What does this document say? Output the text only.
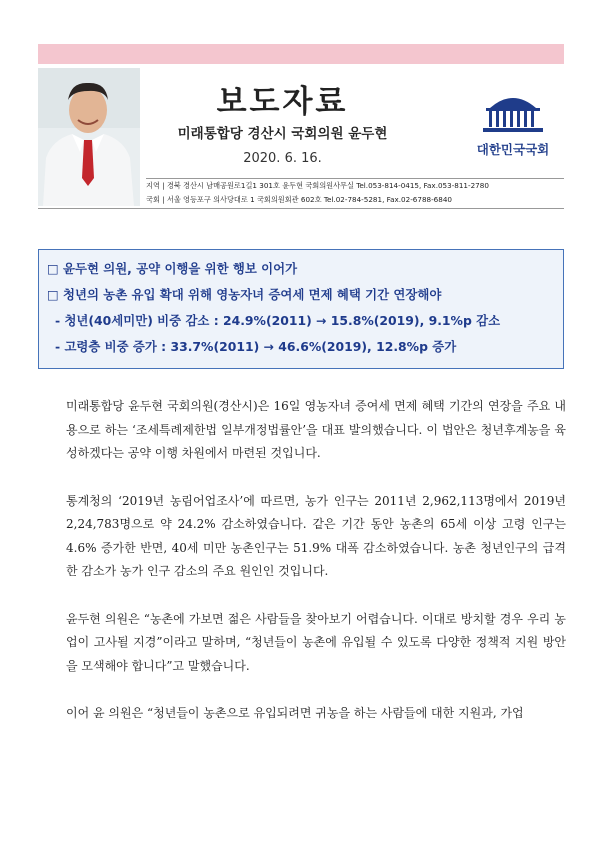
보도자료
미래통합당 경산시 국회의원 윤두현
2020. 6. 16.
대한민국국회
지역 | 경북 경산시 남매공원로1길1 301호 윤두현 국회의원사무실 Tel.053-814-0415, Fax.053-811-2780
국회 | 서울 영등포구 의사당대로 1 국회의원회관 602호 Tel.02-784-5281, Fax.02-6788-6840
□ 윤두현 의원, 공약 이행을 위한 행보 이어가
□ 청년의 농촌 유입 확대 위해 영농자녀 증여세 면제 혜택 기간 연장해야
- 청년(40세미만) 비중 감소 : 24.9%(2011) → 15.8%(2019), 9.1%p 감소
- 고령층 비중 증가 : 33.7%(2011) → 46.6%(2019), 12.8%p 증가

미래통합당 윤두현 국회의원(경산시)은 16일 영농자녀 증여세 면제 혜택 기간의 연장을 주요 내용으로 하는 ‘조세특례제한법 일부개정법률안’을 대표 발의했습니다. 이 법안은 청년후계농을 육성하겠다는 공약 이행 차원에서 마련된 것입니다.

통계청의 ‘2019년 농림어업조사’에 따르면, 농가 인구는 2011년 2,962,113명에서 2019년 2,24,783명으로 약 24.2% 감소하였습니다. 같은 기간 동안 농촌의 65세 이상 고령 인구는 4.6% 증가한 반면, 40세 미만 농촌인구는 51.9% 대폭 감소하였습니다. 농촌 청년인구의 급격한 감소가 농가 인구 감소의 주요 원인인 것입니다.

윤두현 의원은 “농촌에 가보면 젊은 사람들을 찾아보기 어렵습니다. 이대로 방치할 경우 우리 농업이 고사될 지경”이라고 말하며, “청년들이 농촌에 유입될 수 있도록 다양한 정책적 지원 방안을 모색해야 합니다”고 말했습니다.

이어 윤 의원은 “청년들이 농촌으로 유입되려면 귀농을 하는 사람들에 대한 지원과, 가업
